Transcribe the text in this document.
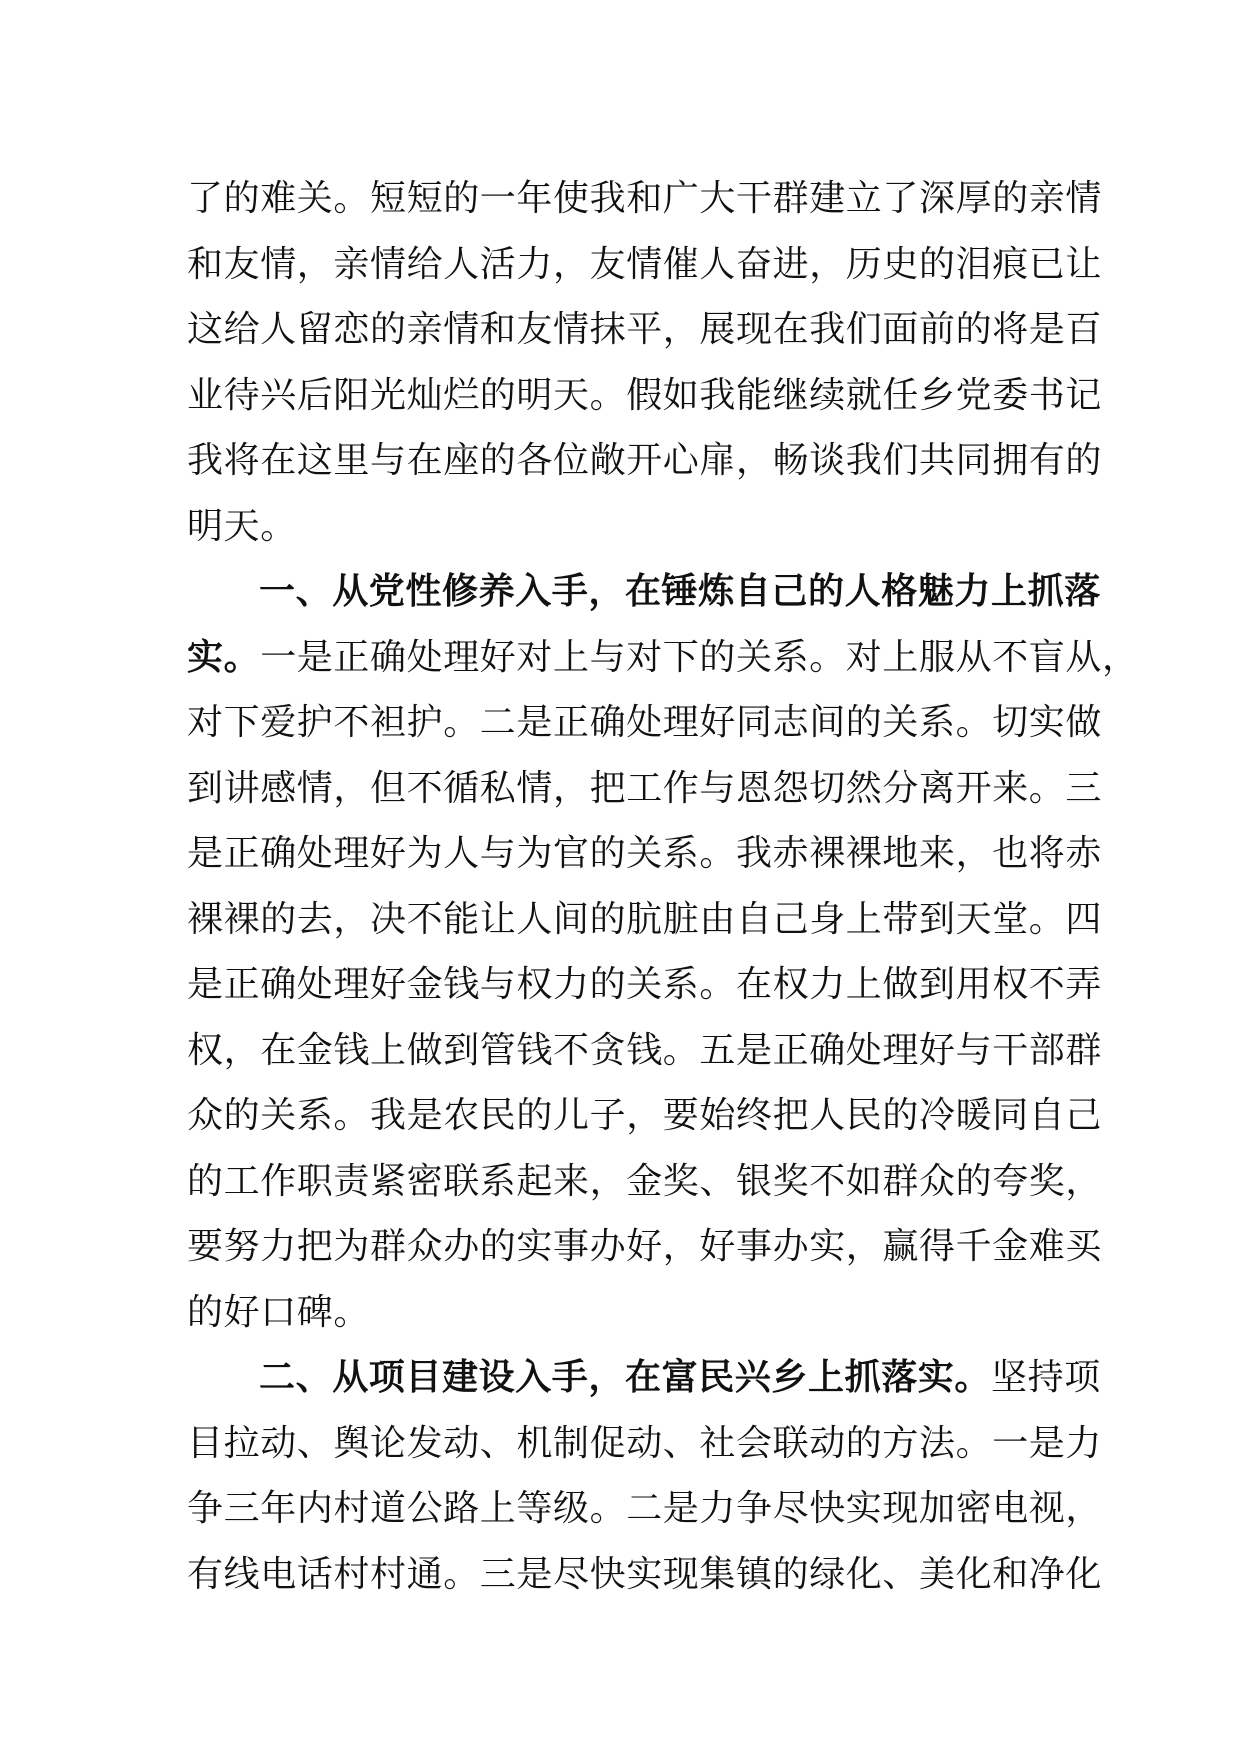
了的难关。短短的一年使我和广大干群建立了深厚的亲情
和友情，亲情给人活力，友情催人奋进，历史的泪痕已让
这给人留恋的亲情和友情抹平，展现在我们面前的将是百
业待兴后阳光灿烂的明天。假如我能继续就任乡党委书记
我将在这里与在座的各位敞开心扉，畅谈我们共同拥有的
明天。
一、从党性修养入手，在锤炼自己的人格魅力上抓落
实。一是正确处理好对上与对下的关系。对上服从不盲从，
对下爱护不袒护。二是正确处理好同志间的关系。切实做
到讲感情，但不循私情，把工作与恩怨切然分离开来。三
是正确处理好为人与为官的关系。我赤裸裸地来，也将赤
裸裸的去，决不能让人间的肮脏由自己身上带到天堂。四
是正确处理好金钱与权力的关系。在权力上做到用权不弄
权，在金钱上做到管钱不贪钱。五是正确处理好与干部群
众的关系。我是农民的儿子，要始终把人民的冷暖同自己
的工作职责紧密联系起来，金奖、银奖不如群众的夸奖，
要努力把为群众办的实事办好，好事办实，赢得千金难买
的好口碑。
二、从项目建设入手，在富民兴乡上抓落实。坚持项
目拉动、舆论发动、机制促动、社会联动的方法。一是力
争三年内村道公路上等级。二是力争尽快实现加密电视，
有线电话村村通。三是尽快实现集镇的绿化、美化和净化
